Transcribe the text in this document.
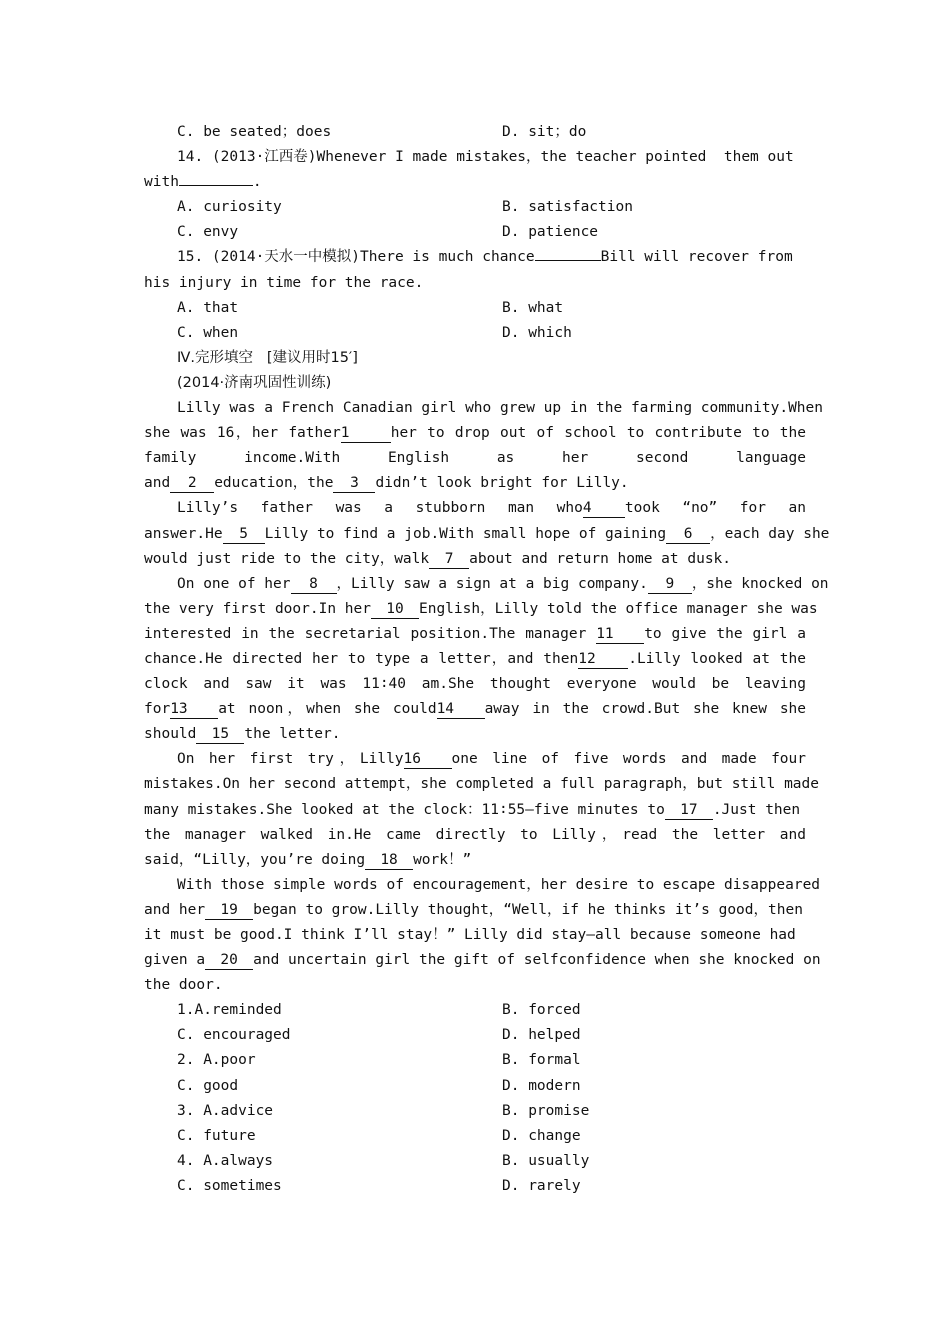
C. be seated；does	D. sit；do
14. (2013·江西卷)Whenever I made mistakes，the teacher pointed  them out
with	.
A. curiosity	B. satisfaction
C. envy	D. patience
15. (2014·天水一中模拟)There is much chance	Bill will recover from
his injury in time for the race.
A. that	B. what
C. when	D. which
Ⅳ.完形填空   [建议用时15′]
(2014·济南巩固性训练)
Lilly was a French Canadian girl who grew up in the farming community.When
she was 16，her father1	her to drop out of school to contribute to the
family income.With English as her second language
and 2 education，the 3 didn’t look bright for Lilly.
Lilly’s father was a stubborn man who4 took “no” for an
answer.He 5 Lilly to find a job.With small hope of gaining 6 ，each day she
would just ride to the city，walk 7 about and return home at dusk.
On one of her 8 ，Lilly saw a sign at a big company. 9 ，she knocked on
the very first door.In her 10 English，Lilly told the office manager she was
interested in the secretarial position.The manager 11 to give the girl a
chance.He directed her to type a letter，and then12 .Lilly looked at the
clock and saw it was 11∶40 am.She thought everyone would be leaving
for13 at noon，when she could14 away in the crowd.But she knew she
should 15 the letter.
On her first try，Lilly16 one line of five words and made four
mistakes.On her second attempt，she completed a full paragraph，but still made
many mistakes.She looked at the clock：11∶55—five minutes to 17 .Just then
the manager walked in.He came directly to Lilly，read the letter and
said，“Lilly，you’re doing 18 work！”
With those simple words of encouragement，her desire to escape disappeared
and her 19 began to grow.Lilly thought，“Well，if he thinks it’s good，then
it must be good.I think I’ll stay！” Lilly did stay—all because someone had
given a 20 and uncertain girl the gift of selfconfidence when she knocked on
the door.
1.A.reminded	B. forced
C. encouraged	D. helped
2. A.poor	B. formal
C. good	D. modern
3. A.advice	B. promise
C. future	D. change
4. A.always	B. usually
C. sometimes	D. rarely
